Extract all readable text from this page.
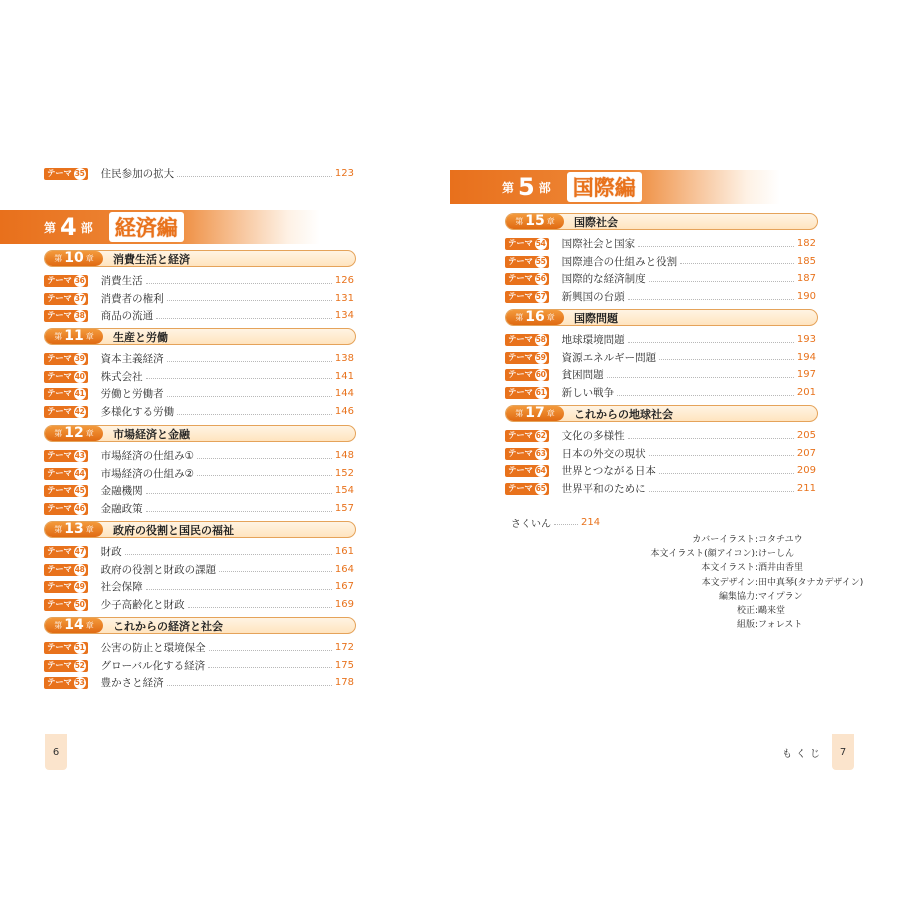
テーマ 35 住民参加の拡大	123
第 4 部 経済編
第 10 章 消費生活と経済
テーマ 36 消費生活	126
テーマ 37 消費者の権利	131
テーマ 38 商品の流通	134
第 11 章 生産と労働
テーマ 39 資本主義経済	138
テーマ 40 株式会社	141
テーマ 41 労働と労働者	144
テーマ 42 多様化する労働	146
第 12 章 市場経済と金融
テーマ 43 市場経済の仕組み①	148
テーマ 44 市場経済の仕組み②	152
テーマ 45 金融機関	154
テーマ 46 金融政策	157
第 13 章 政府の役割と国民の福祉
テーマ 47 財政	161
テーマ 48 政府の役割と財政の課題	164
テーマ 49 社会保障	167
テーマ 50 少子高齢化と財政	169
第 14 章 これからの経済と社会
テーマ 51 公害の防止と環境保全	172
テーマ 52 グローバル化する経済	175
テーマ 53 豊かさと経済	178
6
第 5 部 国際編
第 15 章 国際社会
テーマ 54 国際社会と国家	182
テーマ 55 国際連合の仕組みと役割	185
テーマ 56 国際的な経済制度	187
テーマ 57 新興国の台頭	190
第 16 章 国際問題
テーマ 58 地球環境問題	193
テーマ 59 資源エネルギー問題	194
テーマ 60 貧困問題	197
テーマ 61 新しい戦争	201
第 17 章 これからの地球社会
テーマ 62 文化の多様性	205
テーマ 63 日本の外交の現状	207
テーマ 64 世界とつながる日本	209
テーマ 65 世界平和のために	211
さくいん	214
カバーイラスト : コタチユウ
本文イラスト(顔アイコン) : けーしん
本文イラスト : 酒井由香里
本文デザイン : 田中真琴(タナカデザイン)
編集協力 : マイプラン
校正 : 鷗来堂
組版 : フォレスト
もくじ	7
